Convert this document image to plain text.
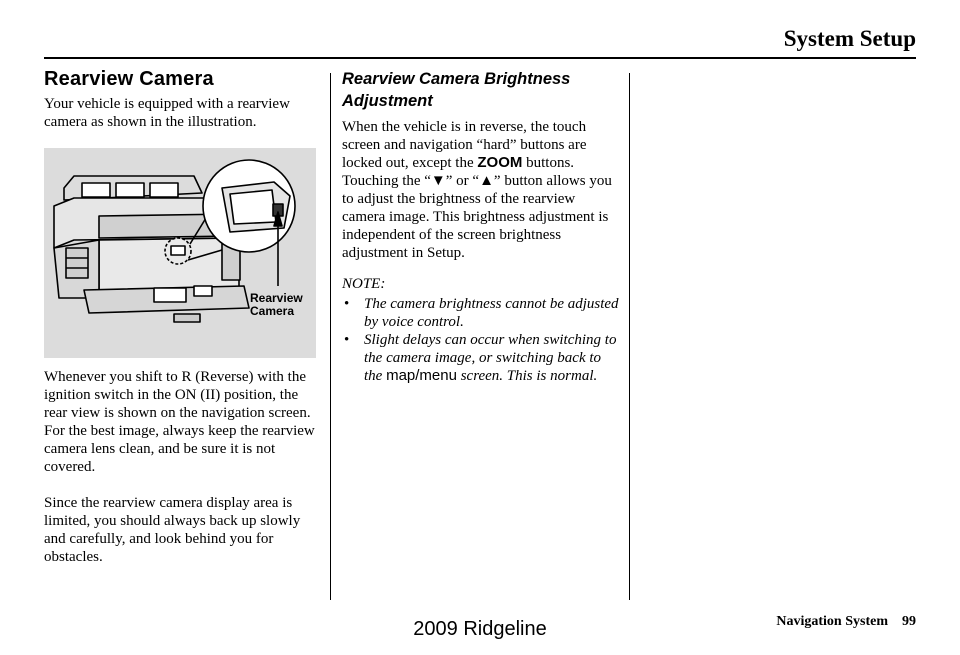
System Setup
Rearview Camera

Your vehicle is equipped with a rearview camera as shown in the illustration.

Rearview
Camera

Whenever you shift to R (Reverse) with the ignition switch in the ON (II) position, the rear view is shown on the navigation screen. For the best image, always keep the rearview camera lens clean, and be sure it is not covered.

Since the rearview camera display area is limited, you should always back up slowly and carefully, and look behind you for obstacles.

Rearview Camera Brightness Adjustment

When the vehicle is in reverse, the touch screen and navigation “hard” buttons are locked out, except the ZOOM buttons. Touching the “▼” or “▲” button allows you to adjust the brightness of the rearview camera image. This brightness adjustment is independent of the screen brightness adjustment in Setup.

NOTE:
• The camera brightness cannot be adjusted by voice control.
• Slight delays can occur when switching to the camera image, or switching back to the map/menu screen. This is normal.
Navigation System 99
2009 Ridgeline
